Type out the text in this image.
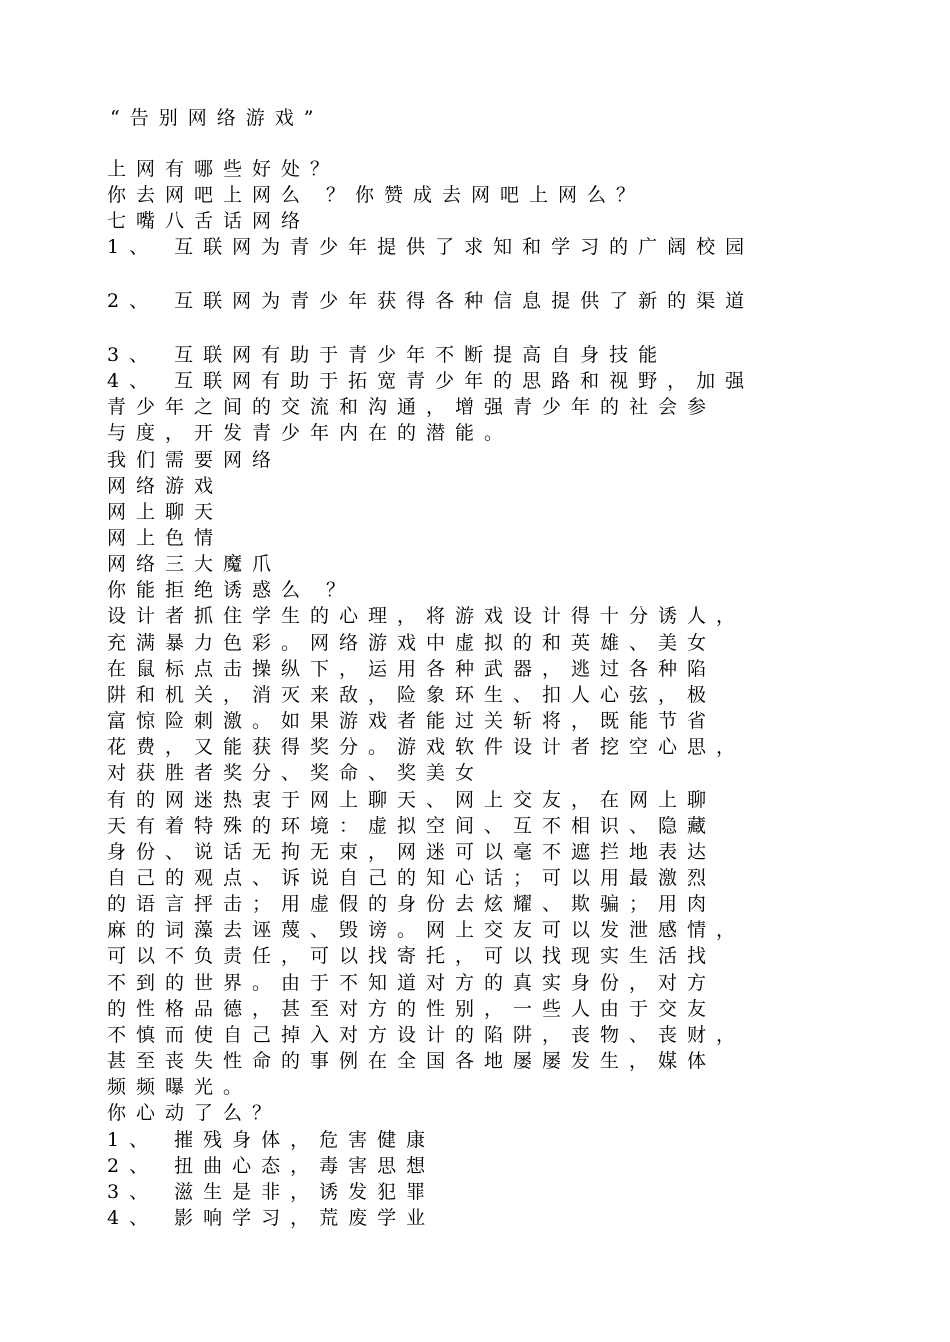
“告别网络游戏”

上网有哪些好处？

你去网吧上网么 ？你赞成去网吧上网么？

七嘴八舌话网络

1、 互联网为青少年提供了求知和学习的广阔校园

2、 互联网为青少年获得各种信息提供了新的渠道

3、 互联网有助于青少年不断提高自身技能

4、 互联网有助于拓宽青少年的思路和视野，加强

青少年之间的交流和沟通，增强青少年的社会参

与度，开发青少年内在的潜能。

我们需要网络

网络游戏

网上聊天

网上色情

网络三大魔爪

你能拒绝诱惑么 ？

设计者抓住学生的心理，将游戏设计得十分诱人，

充满暴力色彩。网络游戏中虚拟的和英雄、美女

在鼠标点击操纵下，运用各种武器，逃过各种陷

阱和机关，消灭来敌，险象环生、扣人心弦，极

富惊险刺激。如果游戏者能过关斩将，既能节省

花费，又能获得奖分。游戏软件设计者挖空心思，

对获胜者奖分、奖命、奖美女

有的网迷热衷于网上聊天、网上交友，在网上聊

天有着特殊的环境：虚拟空间、互不相识、隐藏

身份、说话无拘无束，网迷可以毫不遮拦地表达

自己的观点、诉说自己的知心话；可以用最激烈

的语言抨击；用虚假的身份去炫耀、欺骗；用肉

麻的词藻去诬蔑、毁谤。网上交友可以发泄感情，

可以不负责任，可以找寄托，可以找现实生活找

不到的世界。由于不知道对方的真实身份，对方

的性格品德，甚至对方的性别，一些人由于交友

不慎而使自己掉入对方设计的陷阱，丧物、丧财，

甚至丧失性命的事例在全国各地屡屡发生，媒体

频频曝光。

你心动了么？

1、 摧残身体，危害健康

2、 扭曲心态，毒害思想

3、 滋生是非，诱发犯罪

4、 影响学习，荒废学业
